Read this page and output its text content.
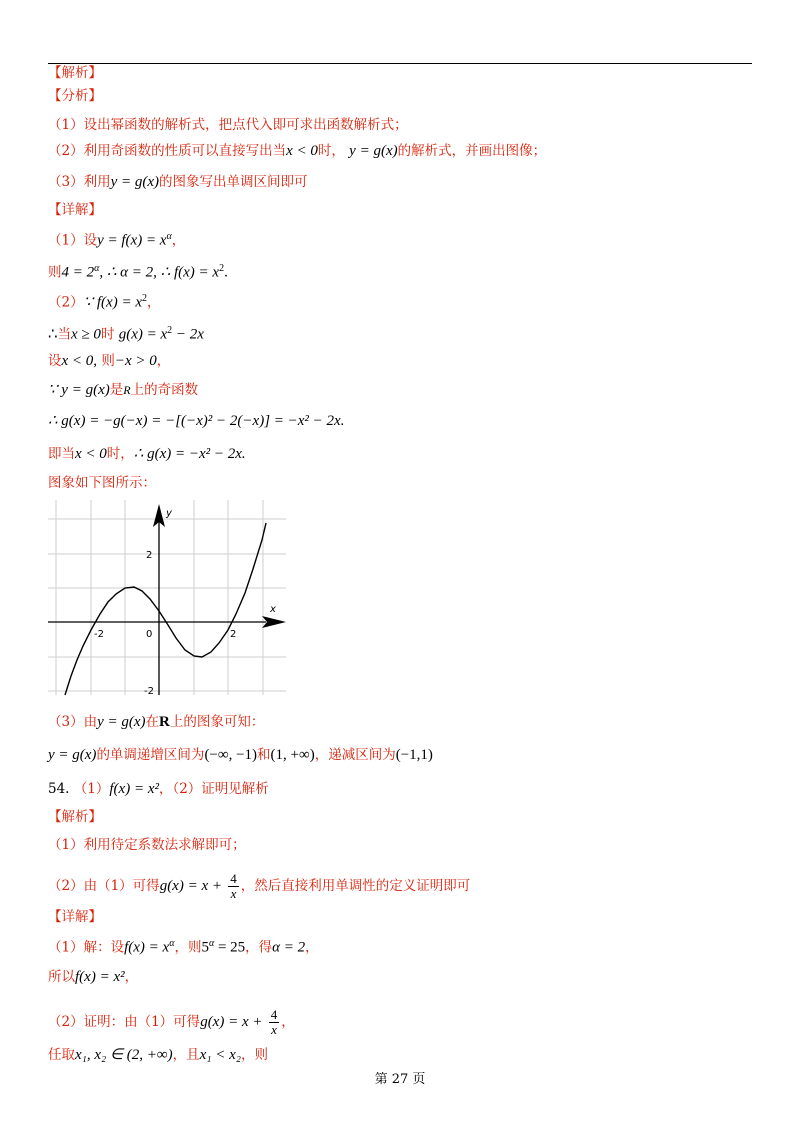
【解析】
【分析】
（1）设出幂函数的解析式，把点代入即可求出函数解析式；
（2）利用奇函数的性质可以直接写出当x < 0时， y = g(x)的解析式，并画出图像；
（3）利用y = g(x)的图象写出单调区间即可
【详解】
（1）设$y = f(x) = x^\alpha$，
则$4 = 2^\alpha$, ∴ α = 2, ∴ $f(x) = x^2$.
（2）∵ $f(x) = x^2$，
∴当x ≥ 0时 $g(x) = x^2 - 2x$
设x < 0, 则−x > 0，
∵ y = g(x)是R上的奇函数
∴ g(x) = −g(−x) = −[(−x)² − 2(−x)] = −x² − 2x.
即当x < 0时，∴ g(x) = −x² − 2x.
图象如下图所示：
y
x
2
-2
-2	2
0
（3）由y = g(x)在R上的图象可知：
y = g(x)的单调递增区间为(−∞, −1)和(1, +∞)，递减区间为(−1,1)
54. （1）f(x) = x²，（2）证明见解析
【解析】
（1）利用待定系数法求解即可；
（2）由（1）可得$g(x) = x + \frac{4}{x}$ ，然后直接利用单调性的定义证明即可
【详解】
（1）解：设$f(x) = x^\alpha$，则$5^\alpha = 25$，得α = 2，
所以f(x) = x²，
（2）证明：由（1）可得$g(x) = x + \frac{4}{x}$ ，
任取x₁, x₂ ∈ (2, +∞)，且x₁ < x₂，则
第 27 页
